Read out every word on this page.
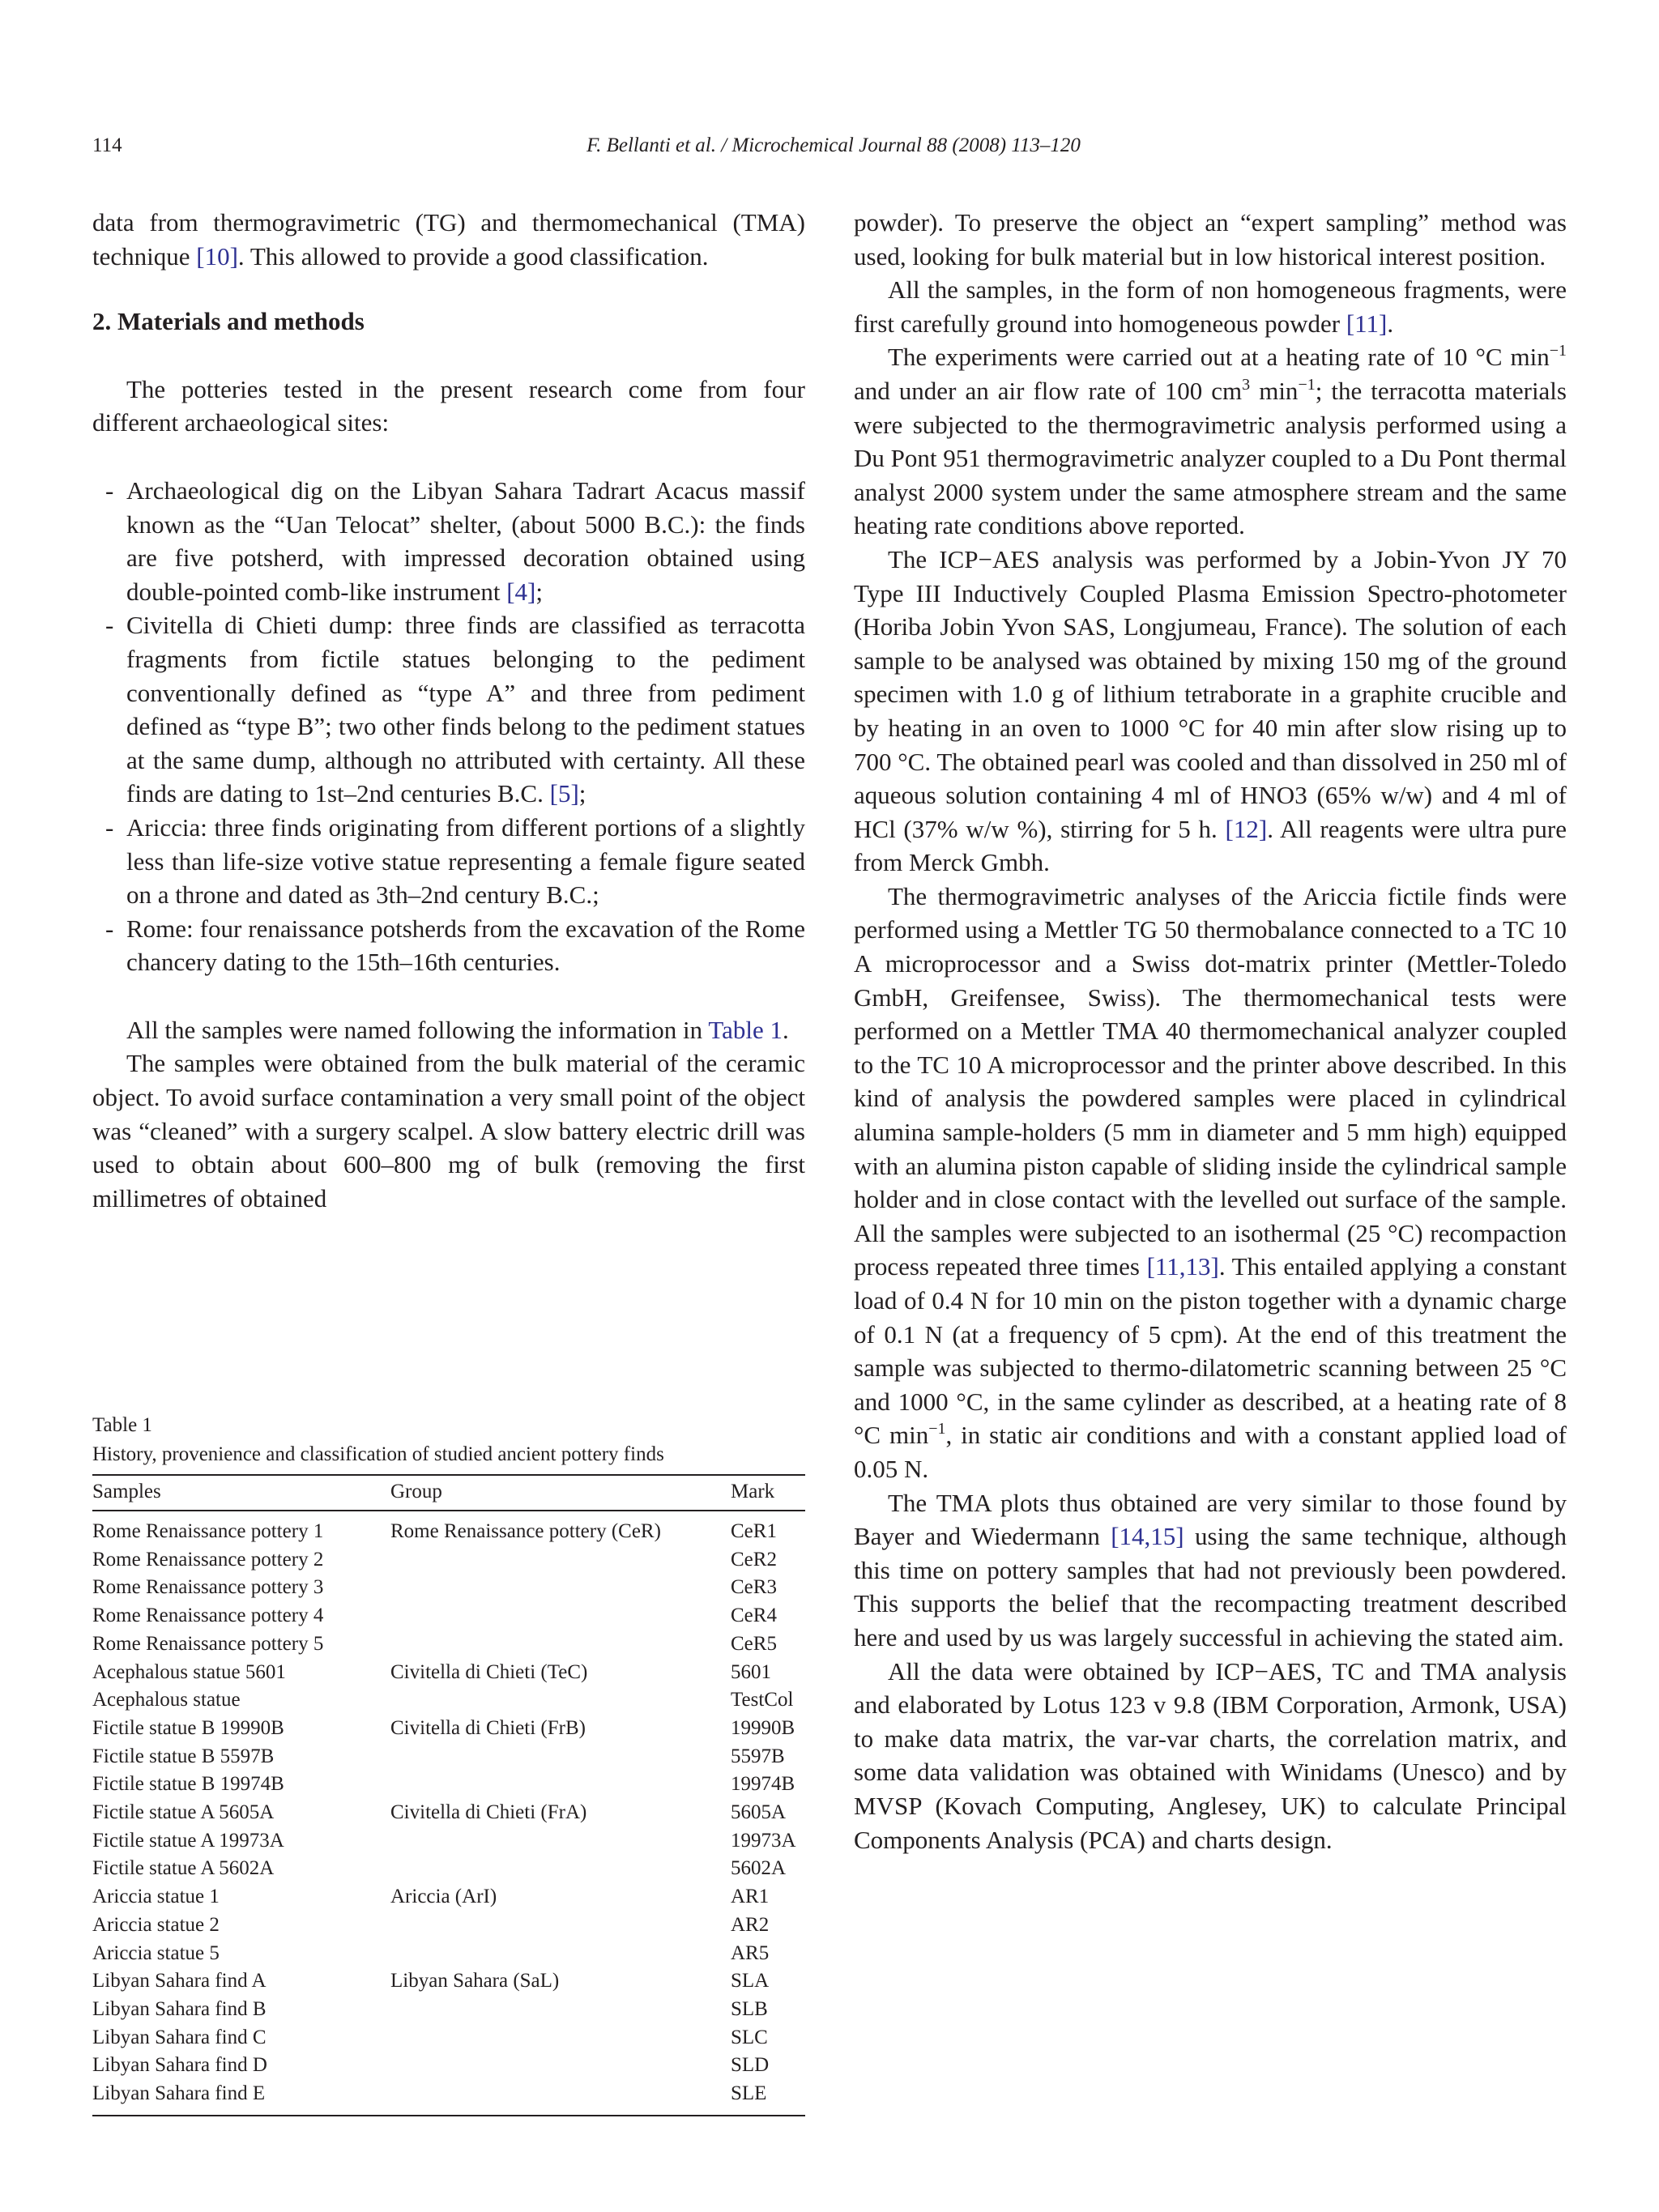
114	F. Bellanti et al. / Microchemical Journal 88 (2008) 113–120

data from thermogravimetric (TG) and thermomechanical (TMA) technique [10]. This allowed to provide a good classification.

2. Materials and methods

The potteries tested in the present research come from four different archaeological sites:

- Archaeological dig on the Libyan Sahara Tadrart Acacus massif known as the “Uan Telocat” shelter, (about 5000 B.C.): the finds are five potsherd, with impressed decoration obtained using double-pointed comb-like instrument [4];
- Civitella di Chieti dump: three finds are classified as terracotta fragments from fictile statues belonging to the pediment conventionally defined as “type A” and three from pediment defined as “type B”; two other finds belong to the pediment statues at the same dump, although no attributed with certainty. All these finds are dating to 1st–2nd centuries B.C. [5];
- Ariccia: three finds originating from different portions of a slightly less than life-size votive statue representing a female figure seated on a throne and dated as 3th–2nd century B.C.;
- Rome: four renaissance potsherds from the excavation of the Rome chancery dating to the 15th–16th centuries.

All the samples were named following the information in Table 1.

The samples were obtained from the bulk material of the ceramic object. To avoid surface contamination a very small point of the object was “cleaned” with a surgery scalpel. A slow battery electric drill was used to obtain about 600–800 mg of bulk (removing the first millimetres of obtained

Table 1
History, provenience and classification of studied ancient pottery finds
Samples	Group	Mark
Rome Renaissance pottery 1	Rome Renaissance pottery (CeR)	CeR1
Rome Renaissance pottery 2		CeR2
Rome Renaissance pottery 3		CeR3
Rome Renaissance pottery 4		CeR4
Rome Renaissance pottery 5		CeR5
Acephalous statue 5601	Civitella di Chieti (TeC)	5601
Acephalous statue		TestCol
Fictile statue B 19990B	Civitella di Chieti (FrB)	19990B
Fictile statue B 5597B		5597B
Fictile statue B 19974B		19974B
Fictile statue A 5605A	Civitella di Chieti (FrA)	5605A
Fictile statue A 19973A		19973A
Fictile statue A 5602A		5602A
Ariccia statue 1	Ariccia (ArI)	AR1
Ariccia statue 2		AR2
Ariccia statue 5		AR5
Libyan Sahara find A	Libyan Sahara (SaL)	SLA
Libyan Sahara find B		SLB
Libyan Sahara find C		SLC
Libyan Sahara find D		SLD
Libyan Sahara find E		SLE

powder). To preserve the object an “expert sampling” method was used, looking for bulk material but in low historical interest position.

All the samples, in the form of non homogeneous fragments, were first carefully ground into homogeneous powder [11].

The experiments were carried out at a heating rate of 10 °C $\min^{-1}$ and under an air flow rate of 100 $cm^3$ $\min^{-1}$; the terracotta materials were subjected to the thermogravimetric analysis performed using a Du Pont 951 thermogravimetric analyzer coupled to a Du Pont thermal analyst 2000 system under the same atmosphere stream and the same heating rate conditions above reported.

The ICP−AES analysis was performed by a Jobin-Yvon JY 70 Type III Inductively Coupled Plasma Emission Spectro-photometer (Horiba Jobin Yvon SAS, Longjumeau, France). The solution of each sample to be analysed was obtained by mixing 150 mg of the ground specimen with 1.0 g of lithium tetraborate in a graphite crucible and by heating in an oven to 1000 °C for 40 min after slow rising up to 700 °C. The obtained pearl was cooled and than dissolved in 250 ml of aqueous solution containing 4 ml of HNO3 (65% w/w) and 4 ml of HCl (37% w/w %), stirring for 5 h. [12]. All reagents were ultra pure from Merck Gmbh.

The thermogravimetric analyses of the Ariccia fictile finds were performed using a Mettler TG 50 thermobalance connected to a TC 10 A microprocessor and a Swiss dot-matrix printer (Mettler-Toledo GmbH, Greifensee, Swiss). The thermomechanical tests were performed on a Mettler TMA 40 thermomechanical analyzer coupled to the TC 10 A microprocessor and the printer above described. In this kind of analysis the powdered samples were placed in cylindrical alumina sample-holders (5 mm in diameter and 5 mm high) equipped with an alumina piston capable of sliding inside the cylindrical sample holder and in close contact with the levelled out surface of the sample. All the samples were subjected to an isothermal (25 °C) recompaction process repeated three times [11,13]. This entailed applying a constant load of 0.4 N for 10 min on the piston together with a dynamic charge of 0.1 N (at a frequency of 5 cpm). At the end of this treatment the sample was subjected to thermo-dilatometric scanning between 25 °C and 1000 °C, in the same cylinder as described, at a heating rate of 8 °C $\min^{-1}$, in static air conditions and with a constant applied load of 0.05 N.

The TMA plots thus obtained are very similar to those found by Bayer and Wiedermann [14,15] using the same technique, although this time on pottery samples that had not previously been powdered. This supports the belief that the recompacting treatment described here and used by us was largely successful in achieving the stated aim.

All the data were obtained by ICP−AES, TC and TMA analysis and elaborated by Lotus 123 v 9.8 (IBM Corporation, Armonk, USA) to make data matrix, the var-var charts, the correlation matrix, and some data validation was obtained with Winidams (Unesco) and by MVSP (Kovach Computing, Anglesey, UK) to calculate Principal Components Analysis (PCA) and charts design.
